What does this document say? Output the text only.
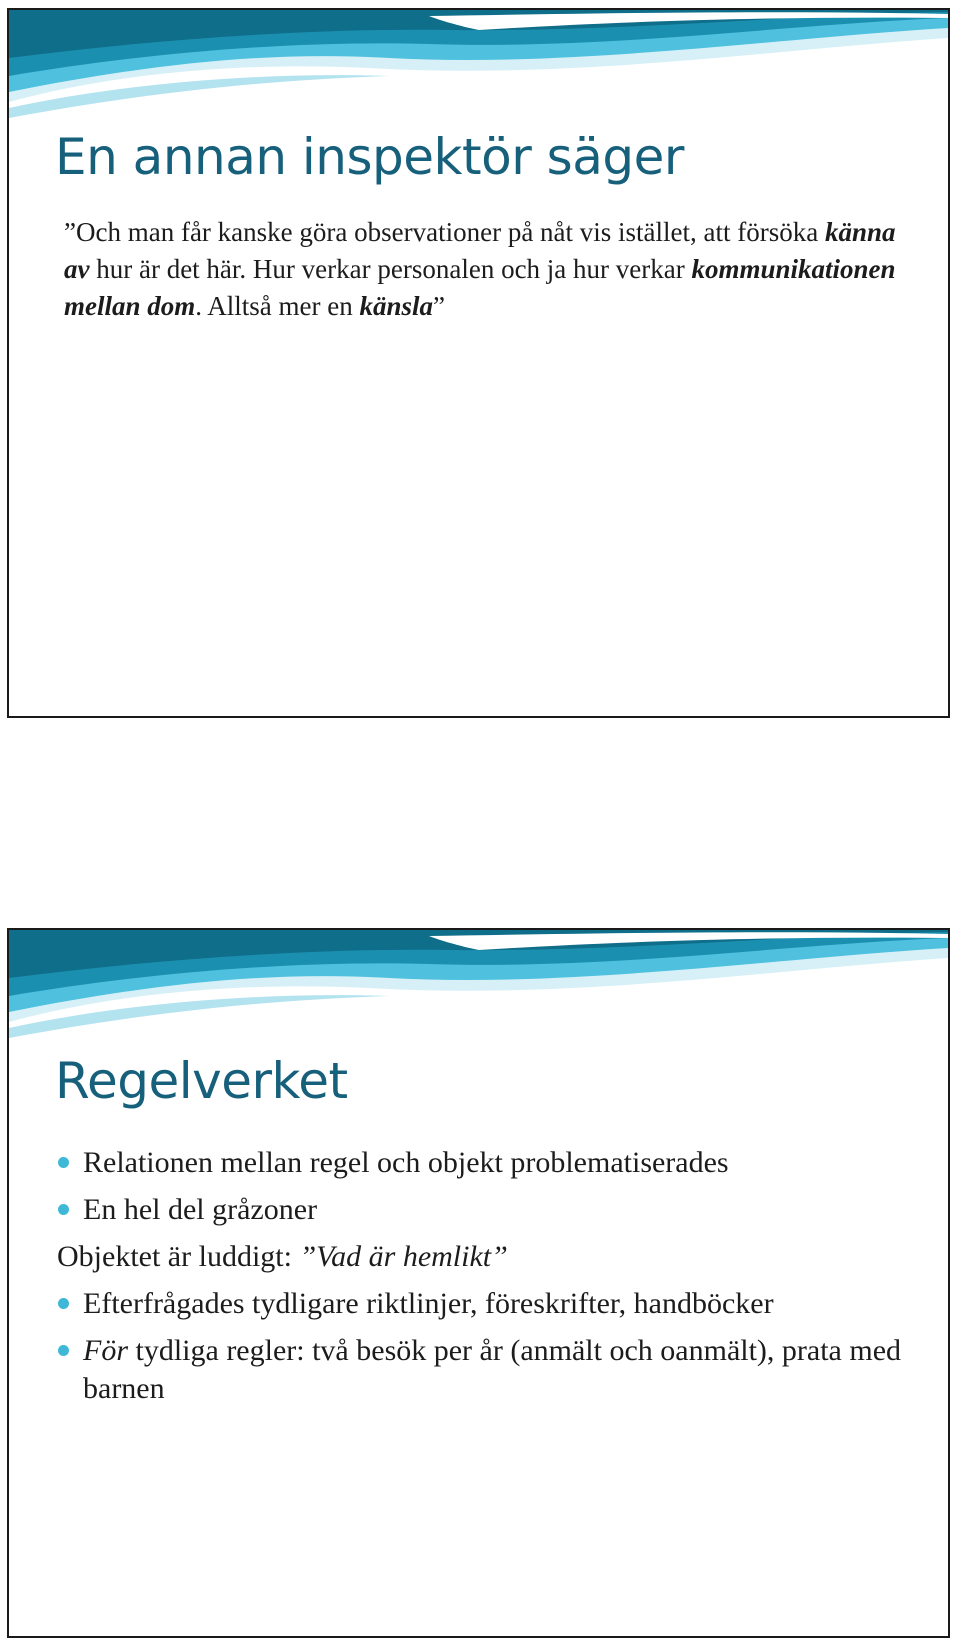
En annan inspektör säger

”Och man får kanske göra observationer på nåt vis istället, att försöka känna av hur är det här. Hur verkar personalen och ja hur verkar kommunikationen mellan dom. Alltså mer en känsla”

Regelverket
Relationen mellan regel och objekt problematiserades
En hel del gråzoner
Objektet är luddigt: ”Vad är hemlikt”
Efterfrågades tydligare riktlinjer, föreskrifter, handböcker
För tydliga regler: två besök per år (anmält och oanmält), prata med barnen
